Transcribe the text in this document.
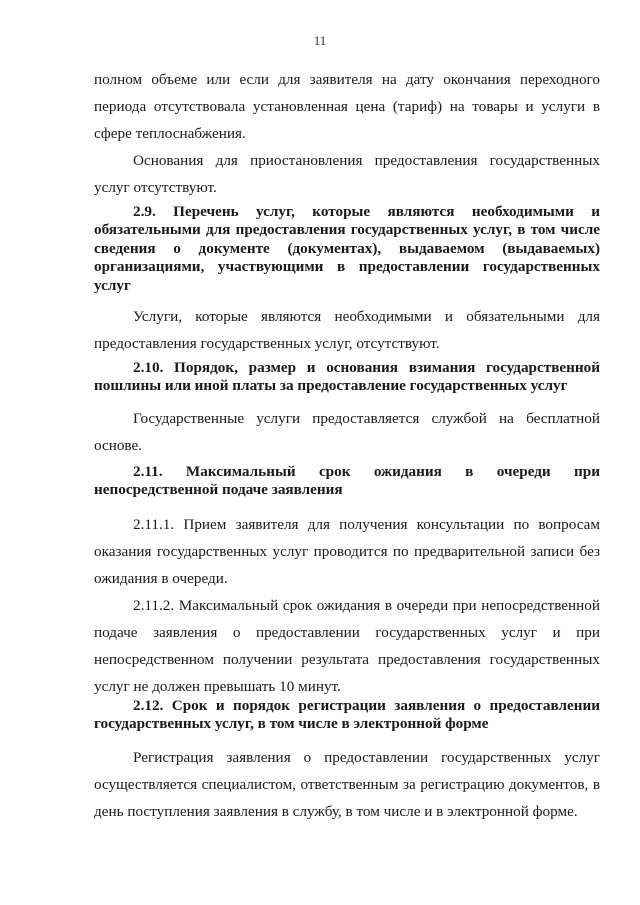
11

полном объеме или если для заявителя на дату окончания переходного периода отсутствовала установленная цена (тариф) на товары и услуги в сфере теплоснабжения.

Основания для приостановления предоставления государственных услуг отсутствуют.

2.9. Перечень услуг, которые являются необходимыми и обязательными для предоставления государственных услуг, в том числе сведения о документе (документах), выдаваемом (выдаваемых) организациями, участвующими в предоставлении государственных услуг

Услуги, которые являются необходимыми и обязательными для предоставления государственных услуг, отсутствуют.

2.10. Порядок, размер и основания взимания государственной пошлины или иной платы за предоставление государственных услуг

Государственные услуги предоставляется службой на бесплатной основе.

2.11. Максимальный срок ожидания в очереди при непосредственной подаче заявления

2.11.1. Прием заявителя для получения консультации по вопросам оказания государственных услуг проводится по предварительной записи без ожидания в очереди.

2.11.2. Максимальный срок ожидания в очереди при непосредственной подаче заявления о предоставлении государственных услуг и при непосредственном получении результата предоставления государственных услуг не должен превышать 10 минут.

2.12. Срок и порядок регистрации заявления о предоставлении государственных услуг, в том числе в электронной форме

Регистрация заявления о предоставлении государственных услуг осуществляется специалистом, ответственным за регистрацию документов, в день поступления заявления в службу, в том числе и в электронной форме.
